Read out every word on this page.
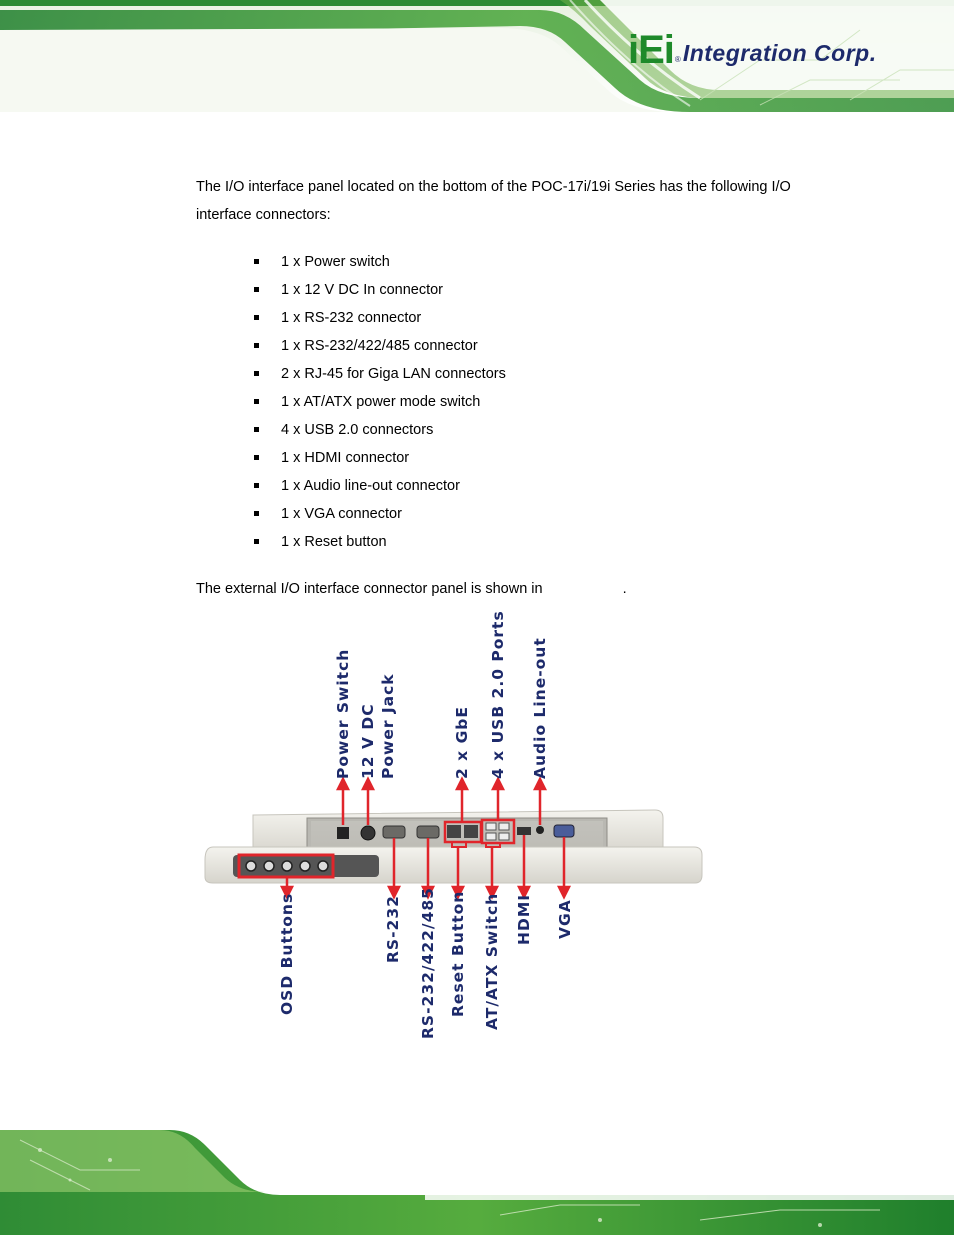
iEi ® Integration Corp.
The I/O interface panel located on the bottom of the POC-17i/19i Series has the following I/O interface connectors:
1 x Power switch
1 x 12 V DC In connector
1 x RS-232 connector
1 x RS-232/422/485 connector
2 x RJ-45 for Giga LAN connectors
1 x AT/ATX power mode switch
4 x USB 2.0 connectors
1 x HDMI connector
1 x Audio line-out connector
1 x VGA connector
1 x Reset button
The external I/O interface connector panel is shown in	.
Power Switch 12 V DC Power Jack	2 x GbE 4 x USB 2.0 Ports Audio Line-out
OSD Buttons	RS-232 RS-232/422/485 Reset Button AT/ATX Switch HDMI VGA
